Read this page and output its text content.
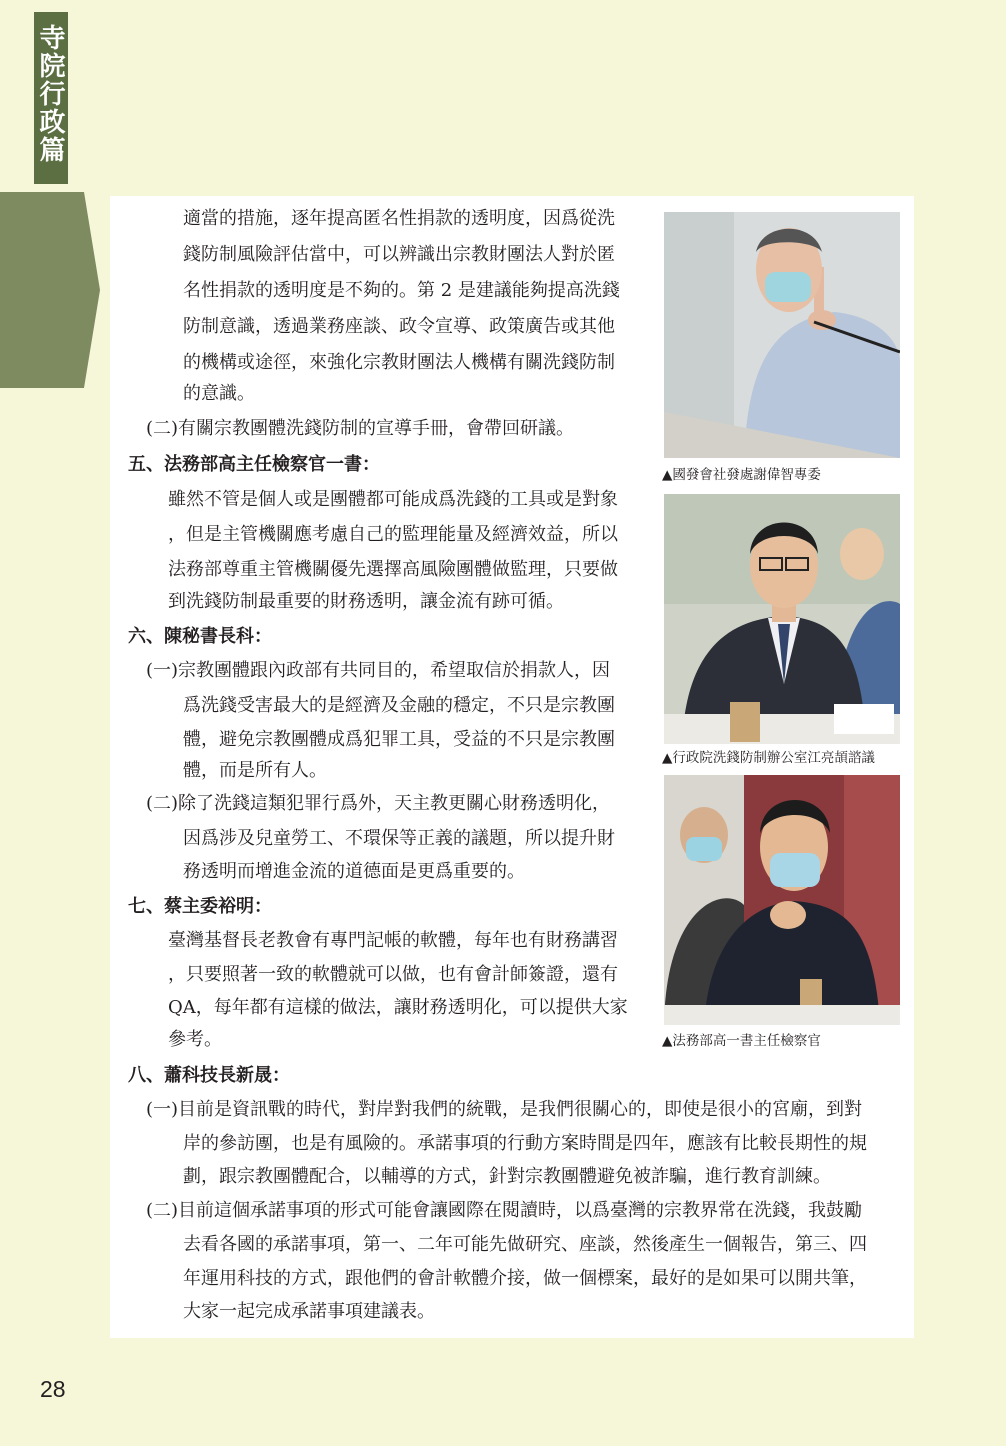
寺院行政篇
適當的措施，逐年提高匿名性捐款的透明度，因爲從洗
錢防制風險評估當中，可以辨識出宗教財團法人對於匿
名性捐款的透明度是不夠的。第 2 是建議能夠提高洗錢
防制意識，透過業務座談、政令宣導、政策廣告或其他
的機構或途徑，來強化宗教財團法人機構有關洗錢防制
的意識。
(二)有關宗教團體洗錢防制的宣導手冊，會帶回研議。
五、法務部高主任檢察官一書：
雖然不管是個人或是團體都可能成爲洗錢的工具或是對象
，但是主管機關應考慮自己的監理能量及經濟效益，所以
法務部尊重主管機關優先選擇高風險團體做監理，只要做
到洗錢防制最重要的財務透明，讓金流有跡可循。
六、陳秘書長科：
(一)宗教團體跟內政部有共同目的，希望取信於捐款人，因
爲洗錢受害最大的是經濟及金融的穩定，不只是宗教團
體，避免宗教團體成爲犯罪工具，受益的不只是宗教團
體，而是所有人。
(二)除了洗錢這類犯罪行爲外，天主教更關心財務透明化，
因爲涉及兒童勞工、不環保等正義的議題，所以提升財
務透明而增進金流的道德面是更爲重要的。
七、蔡主委裕明：
臺灣基督長老教會有專門記帳的軟體，每年也有財務講習
，只要照著一致的軟體就可以做，也有會計師簽證，還有
QA，每年都有這樣的做法，讓財務透明化，可以提供大家
參考。
八、蕭科技長新晟：
(一)目前是資訊戰的時代，對岸對我們的統戰，是我們很關心的，即使是很小的宮廟，到對
岸的參訪團，也是有風險的。承諾事項的行動方案時間是四年，應該有比較長期性的規
劃，跟宗教團體配合，以輔導的方式，針對宗教團體避免被詐騙，進行教育訓練。
(二)目前這個承諾事項的形式可能會讓國際在閱讀時，以爲臺灣的宗教界常在洗錢，我鼓勵
去看各國的承諾事項，第一、二年可能先做研究、座談，然後產生一個報告，第三、四
年運用科技的方式，跟他們的會計軟體介接，做一個標案，最好的是如果可以開共筆，
大家一起完成承諾事項建議表。
▲國發會社發處謝偉智專委
▲行政院洗錢防制辦公室江亮頡諮議
▲法務部高一書主任檢察官
28
